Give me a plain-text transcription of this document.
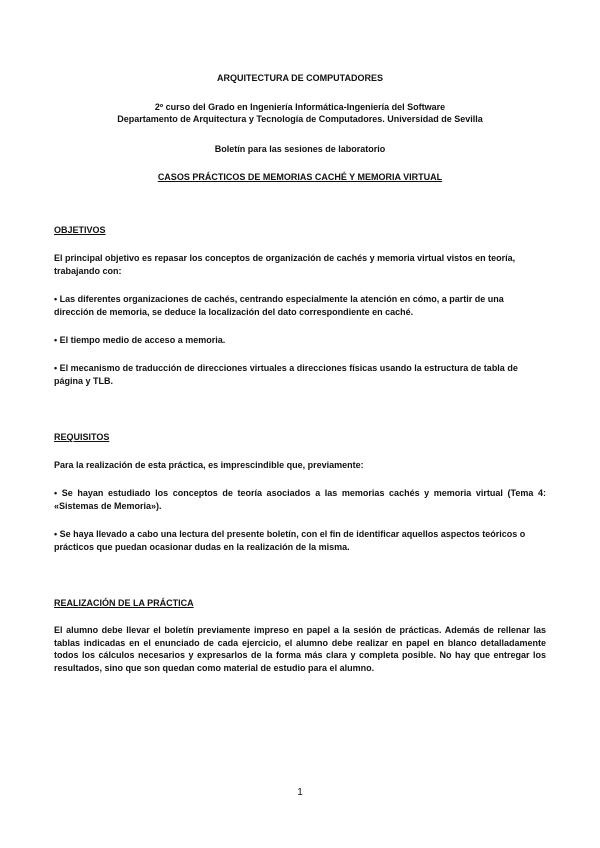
ARQUITECTURA DE COMPUTADORES
2º curso del Grado en Ingeniería Informática-Ingeniería del Software
Departamento de Arquitectura y Tecnología de Computadores. Universidad de Sevilla
Boletín para las sesiones de laboratorio
CASOS PRÁCTICOS DE MEMORIAS CACHÉ Y MEMORIA VIRTUAL
OBJETIVOS
El principal objetivo es repasar los conceptos de organización de cachés y memoria virtual vistos en teoría, trabajando con:
• Las diferentes organizaciones de cachés, centrando especialmente la atención en cómo, a partir de una dirección de memoria, se deduce la localización del dato correspondiente en caché.
• El tiempo medio de acceso a memoria.
• El mecanismo de traducción de direcciones virtuales a direcciones físicas usando la estructura de tabla de página y TLB.
REQUISITOS
Para la realización de esta práctica, es imprescindible que, previamente:
• Se hayan estudiado los conceptos de teoría asociados a las memorias cachés y memoria virtual (Tema 4: «Sistemas de Memoria»).
• Se haya llevado a cabo una lectura del presente boletín, con el fin de identificar aquellos aspectos teóricos o prácticos que puedan ocasionar dudas en la realización de la misma.
REALIZACIÓN DE LA PRÁCTICA
El alumno debe llevar el boletín previamente impreso en papel a la sesión de prácticas. Además de rellenar las tablas indicadas en el enunciado de cada ejercicio, el alumno debe realizar en papel en blanco detalladamente todos los cálculos necesarios y expresarlos de la forma más clara y completa posible. No hay que entregar los resultados, sino que son quedan como material de estudio para el alumno.
1
